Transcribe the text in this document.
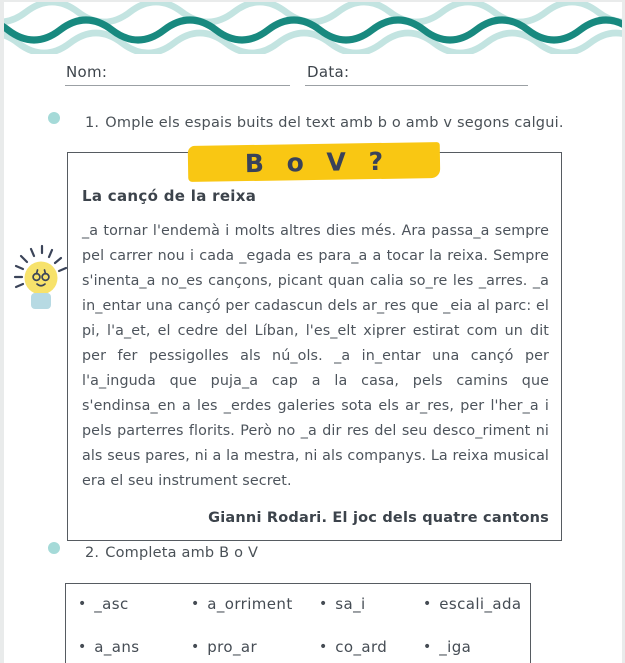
Nom:	Data:
1. Omple els espais buits del text amb b o amb v segons calgui.
B o V ?
La cançó de la reixa
_a tornar l'endemà i molts altres dies més. Ara passa_a sempre pel carrer nou i cada _egada es para_a a tocar la reixa. Sempre s'inenta_a no_es cançons, picant quan calia so_re les _arres. _a in_entar una cançó per cadascun dels ar_res que _eia al parc: el pi, l'a_et, el cedre del Líban, l'es_elt xiprer estirat com un dit per fer pessigolles als nú_ols. _a in_entar una cançó per l'a_inguda que puja_a cap a la casa, pels camins que s'endinsa_en a les _erdes galeries sota els ar_res, per l'her_a i pels parterres florits. Però no _a dir res del seu desco_riment ni als seus pares, ni a la mestra, ni als companys. La reixa musical era el seu instrument secret.
Gianni Rodari. El joc dels quatre cantons
2. Completa amb B o V
• _asc	• a_orriment • sa_i	• escali_ada
• a_ans	• pro_ar	• co_ard	• _iga
